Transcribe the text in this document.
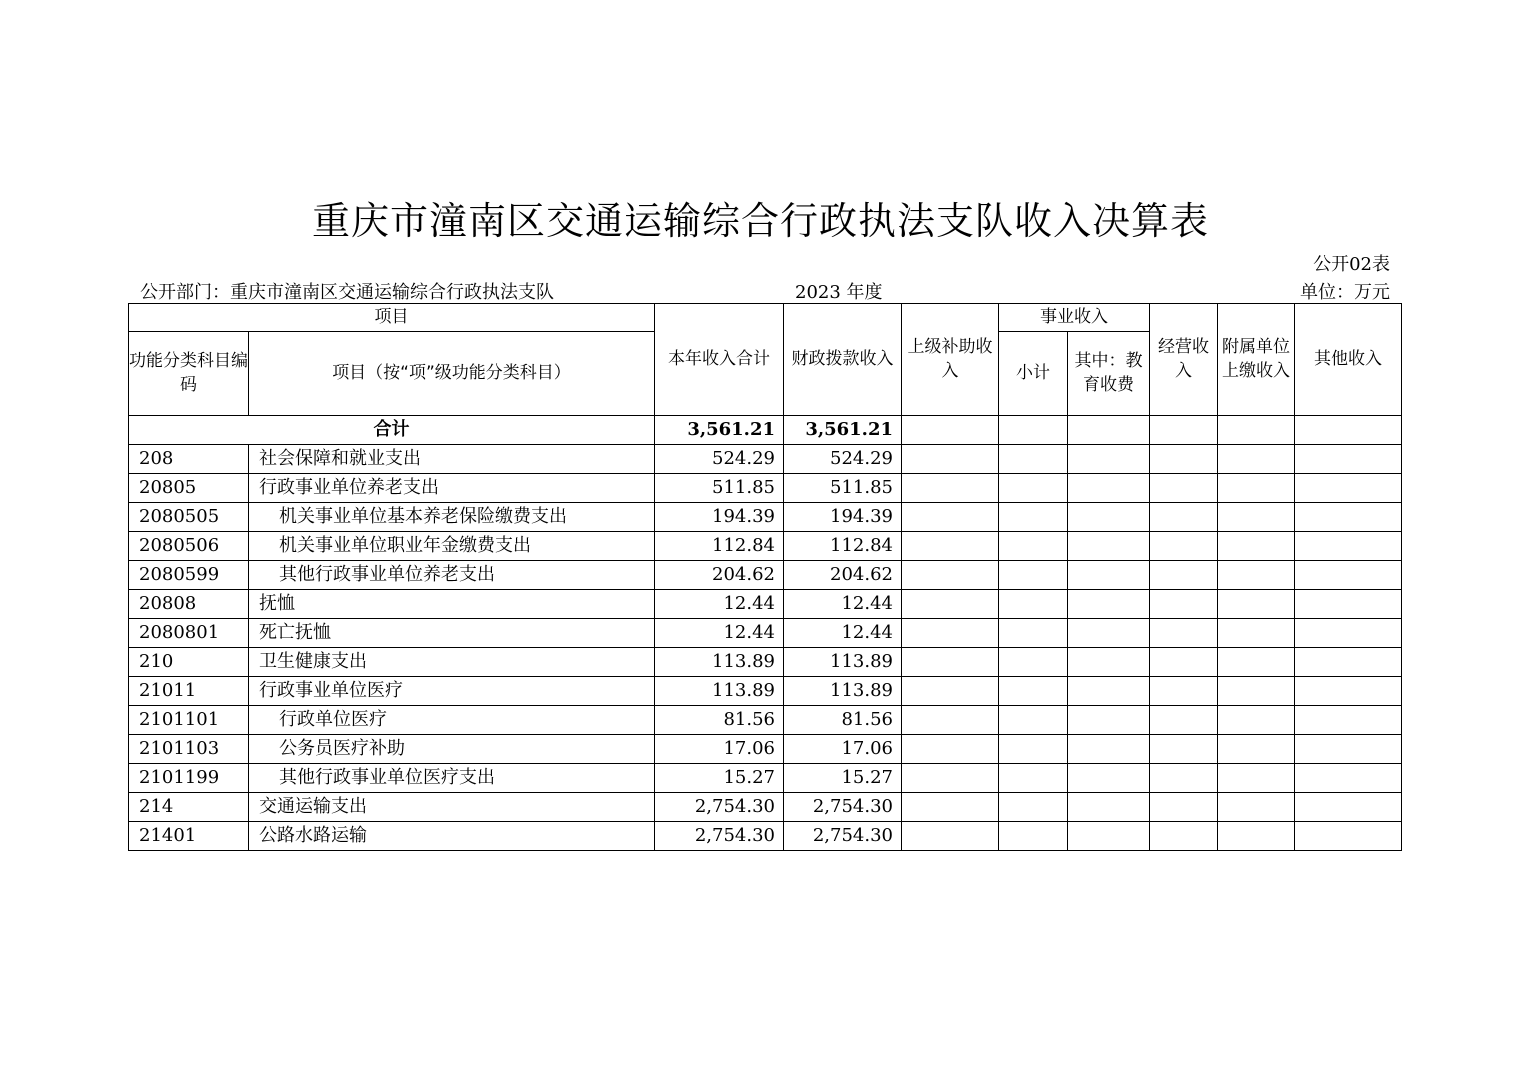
重庆市潼南区交通运输综合行政执法支队收入决算表
公开02表
公开部门：重庆市潼南区交通运输综合行政执法支队	2023 年度	单位：万元
项目		本年收入合计	财政拨款收入	上级补助收入	事业收入		经营收入	附属单位上缴收入	其他收入
功能分类科目编码	项目（按“项”级功能分类科目）								
					小计	其中：教育收费			
合计		3,561.21	3,561.21						
208	社会保障和就业支出	524.29	524.29						
20805	行政事业单位养老支出	511.85	511.85						
2080505	机关事业单位基本养老保险缴费支出	194.39	194.39						
2080506	机关事业单位职业年金缴费支出	112.84	112.84						
2080599	其他行政事业单位养老支出	204.62	204.62						
20808	抚恤	12.44	12.44						
2080801	死亡抚恤	12.44	12.44						
210	卫生健康支出	113.89	113.89						
21011	行政事业单位医疗	113.89	113.89						
2101101	行政单位医疗	81.56	81.56						
2101103	公务员医疗补助	17.06	17.06						
2101199	其他行政事业单位医疗支出	15.27	15.27						
214	交通运输支出	2,754.30	2,754.30						
21401	公路水路运输	2,754.30	2,754.30						
